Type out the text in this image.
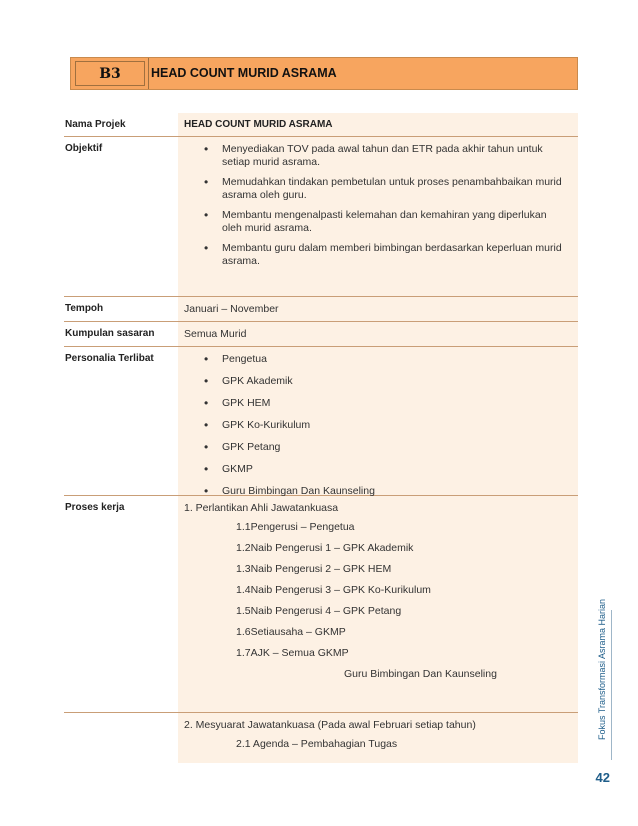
B3	HEAD COUNT MURID ASRAMA
Nama Projek	HEAD COUNT MURID ASRAMA
Objektif	• Menyediakan TOV pada awal tahun dan ETR pada akhir tahun untuk setiap murid asrama.
• Memudahkan tindakan pembetulan untuk proses penambahbaikan murid asrama oleh guru.
• Membantu mengenalpasti kelemahan dan kemahiran yang diperlukan oleh murid asrama.
• Membantu guru dalam memberi bimbingan berdasarkan keperluan murid asrama.
Tempoh	Januari – November
Kumpulan sasaran	Semua Murid
Personalia Terlibat	• Pengetua
• GPK Akademik
• GPK HEM
• GPK Ko-Kurikulum
• GPK Petang
• GKMP
• Guru Bimbingan Dan Kaunseling
Proses kerja	1. Perlantikan Ahli Jawatankuasa
1.1Pengerusi – Pengetua
1.2Naib Pengerusi 1 – GPK Akademik
1.3Naib Pengerusi 2 – GPK HEM
1.4Naib Pengerusi 3 – GPK Ko-Kurikulum
1.5Naib Pengerusi 4 – GPK Petang
1.6Setiausaha – GKMP
1.7AJK – Semua GKMP
Guru Bimbingan Dan Kaunseling
2. Mesyuarat Jawatankuasa (Pada awal Februari setiap tahun)
2.1 Agenda – Pembahagian Tugas
Fokus Transformasi Asrama Harian
42
